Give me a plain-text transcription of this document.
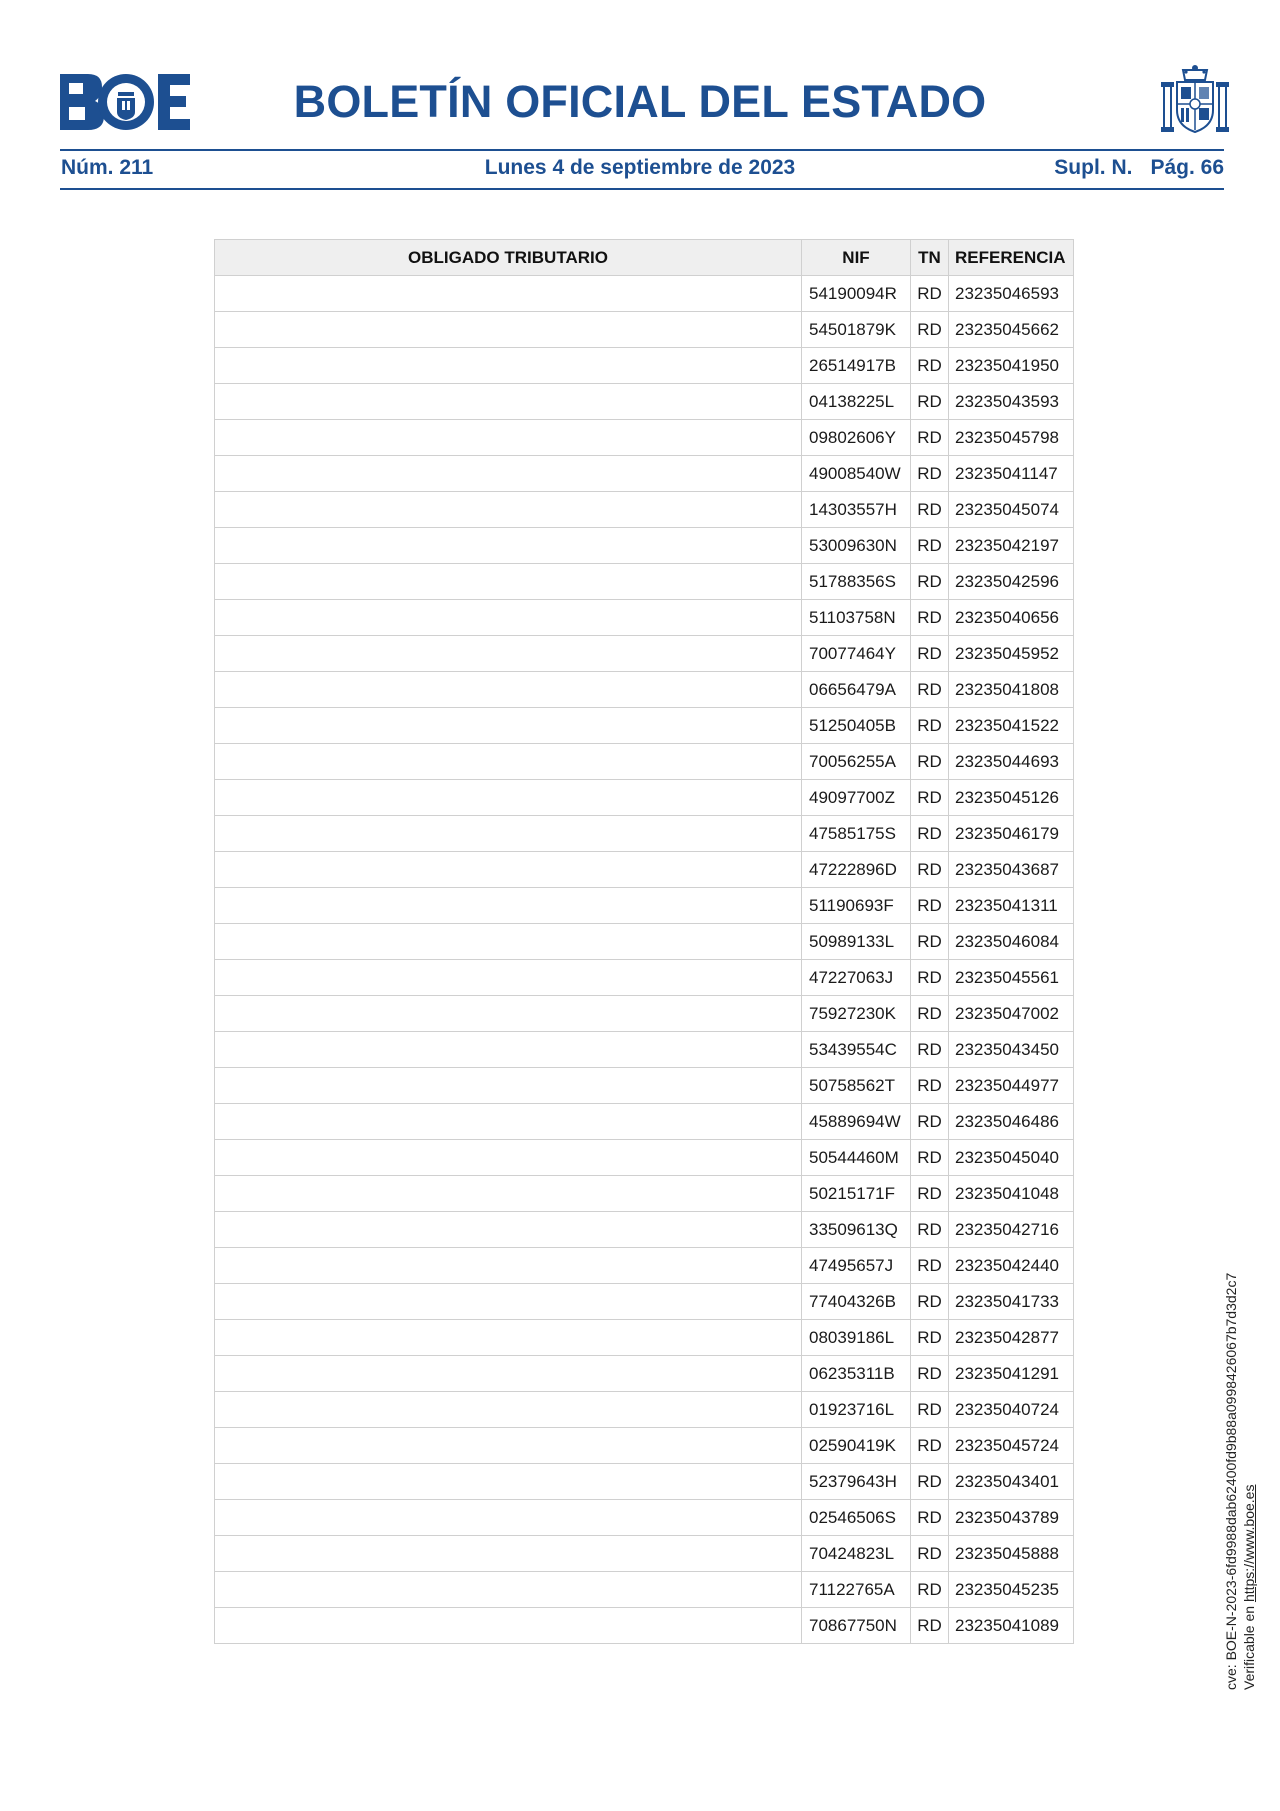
BOLETÍN OFICIAL DEL ESTADO
Núm. 211	Lunes 4 de septiembre de 2023	Supl. N. Pág. 66
OBLIGADO TRIBUTARIO	NIF	TN	REFERENCIA
	54190094R	RD	23235046593
	54501879K	RD	23235045662
	26514917B	RD	23235041950
	04138225L	RD	23235043593
	09802606Y	RD	23235045798
	49008540W	RD	23235041147
	14303557H	RD	23235045074
	53009630N	RD	23235042197
	51788356S	RD	23235042596
	51103758N	RD	23235040656
	70077464Y	RD	23235045952
	06656479A	RD	23235041808
	51250405B	RD	23235041522
	70056255A	RD	23235044693
	49097700Z	RD	23235045126
	47585175S	RD	23235046179
	47222896D	RD	23235043687
	51190693F	RD	23235041311
	50989133L	RD	23235046084
	47227063J	RD	23235045561
	75927230K	RD	23235047002
	53439554C	RD	23235043450
	50758562T	RD	23235044977
	45889694W	RD	23235046486
	50544460M	RD	23235045040
	50215171F	RD	23235041048
	33509613Q	RD	23235042716
	47495657J	RD	23235042440
	77404326B	RD	23235041733
	08039186L	RD	23235042877
	06235311B	RD	23235041291
	01923716L	RD	23235040724
	02590419K	RD	23235045724
	52379643H	RD	23235043401
	02546506S	RD	23235043789
	70424823L	RD	23235045888
	71122765A	RD	23235045235
	70867750N	RD	23235041089	cve: BOE-N-2023-6fd9988dab62400fd9b88a0998426067b7d3d2c7 Verificable en https://www.boe.es
